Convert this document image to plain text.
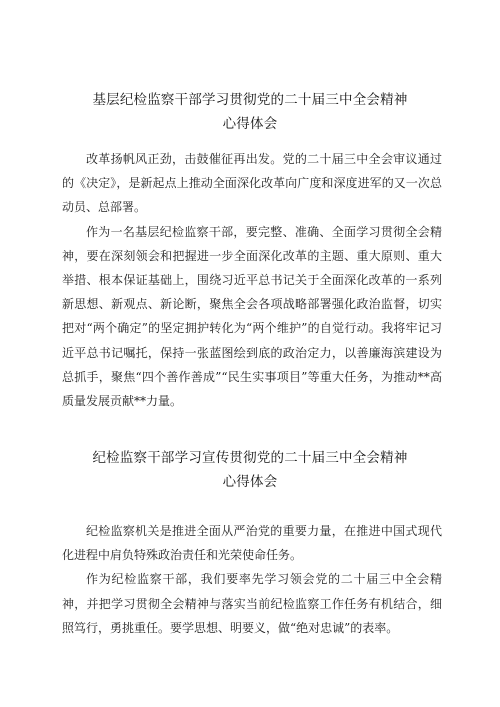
基层纪检监察干部学习贯彻党的二十届三中全会精神
心得体会

改革扬帆风正劲，击鼓催征再出发。党的二十届三中全会审议通过的《决定》，是新起点上推动全面深化改革向广度和深度进军的又一次总动员、总部署。

作为一名基层纪检监察干部，要完整、准确、全面学习贯彻全会精神，要在深刻领会和把握进一步全面深化改革的主题、重大原则、重大举措、根本保证基础上，围绕习近平总书记关于全面深化改革的一系列新思想、新观点、新论断，聚焦全会各项战略部署强化政治监督，切实把对“两个确定”的坚定拥护转化为“两个维护”的自觉行动。我将牢记习近平总书记嘱托，保持一张蓝图绘到底的政治定力，以善廉海滨建设为总抓手，聚焦“四个善作善成”“民生实事项目”等重大任务，为推动**高质量发展贡献**力量。

纪检监察干部学习宣传贯彻党的二十届三中全会精神
心得体会

纪检监察机关是推进全面从严治党的重要力量，在推进中国式现代化进程中肩负特殊政治责任和光荣使命任务。

作为纪检监察干部，我们要率先学习领会党的二十届三中全会精神，并把学习贯彻全会精神与落实当前纪检监察工作任务有机结合，细照笃行，勇挑重任。要学思想、明要义，做“绝对忠诚”的表率。
